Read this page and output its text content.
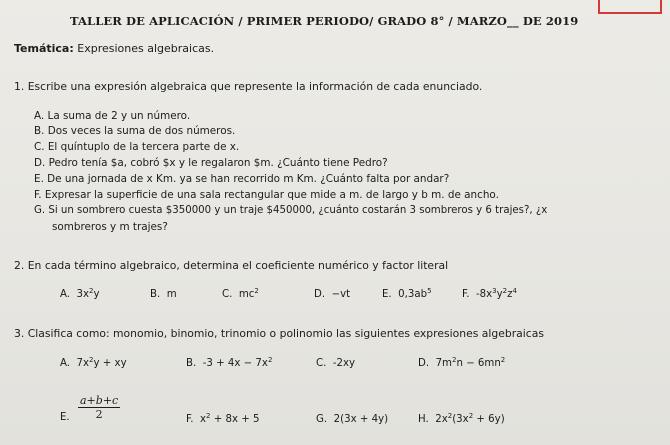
TALLER DE APLICACIÓN / PRIMER PERIODO/ GRADO 8° / MARZO__ DE 2019
Temática: Expresiones algebraicas.
1. Escribe una expresión algebraica que represente la información de cada enunciado.
A. La suma de 2 y un número.
B. Dos veces la suma de dos números.
C. El quíntuplo de la tercera parte de x.
D. Pedro tenía $a, cobró $x y le regalaron $m. ¿Cuánto tiene Pedro?
E. De una jornada de x Km. ya se han recorrido m Km. ¿Cuánto falta por andar?
F. Expresar la superficie de una sala rectangular que mide a m. de largo y b m. de ancho.
G. Si un sombrero cuesta $350000 y un traje $450000, ¿cuánto costarán 3 sombreros y 6 trajes?, ¿x
sombreros y m trajes?
2. En cada término algebraico, determina el coeficiente numérico y factor literal
A. $3x^2y$	B. m	C. $mc^2$	D. −vt	E. $0,3ab^5$	F. $-8x^3y^2z^4$
3. Clasifica como: monomio, binomio, trinomio o polinomio las siguientes expresiones algebraicas
A. $7x^2y$ + xy	B. $-3 + 4x - 7x^2$	C. -2xy	D. $7m^2n - 6mn^2$
E. $\frac{a+b+c}{2}$	F. $x^2 + 8x + 5$	G. 2(3x + 4y)	H. $2x^2(3x^2 + 6y)$
